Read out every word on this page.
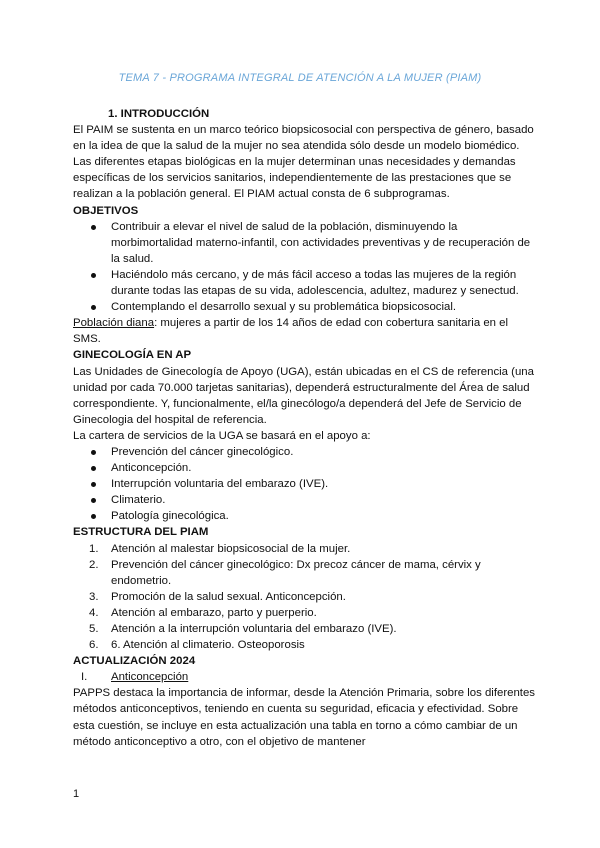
TEMA 7 - PROGRAMA INTEGRAL DE ATENCIÓN A LA MUJER (PIAM)

1. INTRODUCCIÓN

El PAIM se sustenta en un marco teórico biopsicosocial con perspectiva de género, basado en la idea de que la salud de la mujer no sea atendida sólo desde un modelo biomédico. Las diferentes etapas biológicas en la mujer determinan unas necesidades y demandas específicas de los servicios sanitarios, independientemente de las prestaciones que se realizan a la población general. El PIAM actual consta de 6 subprogramas.

OBJETIVOS

Contribuir a elevar el nivel de salud de la población, disminuyendo la morbimortalidad materno-infantil, con actividades preventivas y de recuperación de la salud.
Haciéndolo más cercano, y de más fácil acceso a todas las mujeres de la región durante todas las etapas de su vida, adolescencia, adultez, madurez y senectud.
Contemplando el desarrollo sexual y su problemática biopsicosocial.

Población diana: mujeres a partir de los 14 años de edad con cobertura sanitaria en el SMS.

GINECOLOGÍA EN AP

Las Unidades de Ginecología de Apoyo (UGA), están ubicadas en el CS de referencia (una unidad por cada 70.000 tarjetas sanitarias), dependerá estructuralmente del Área de salud correspondiente. Y, funcionalmente, el/la ginecólogo/a dependerá del Jefe de Servicio de Ginecologia del hospital de referencia.

La cartera de servicios de la UGA se basará en el apoyo a:

Prevención del cáncer ginecológico.
Anticoncepción.
Interrupción voluntaria del embarazo (IVE).
Climaterio.
Patología ginecológica.

ESTRUCTURA DEL PIAM

1. Atención al malestar biopsicosocial de la mujer.
2. Prevención del cáncer ginecológico: Dx precoz cáncer de mama, cérvix y endometrio.
3. Promoción de la salud sexual. Anticoncepción.
4. Atención al embarazo, parto y puerperio.
5. Atención a la interrupción voluntaria del embarazo (IVE).
6. 6. Atención al climaterio. Osteoporosis

ACTUALIZACIÓN 2024

I. Anticoncepción

PAPPS destaca la importancia de informar, desde la Atención Primaria, sobre los diferentes métodos anticonceptivos, teniendo en cuenta su seguridad, eficacia y efectividad. Sobre esta cuestión, se incluye en esta actualización una tabla en torno a cómo cambiar de un método anticonceptivo a otro, con el objetivo de mantener

1
